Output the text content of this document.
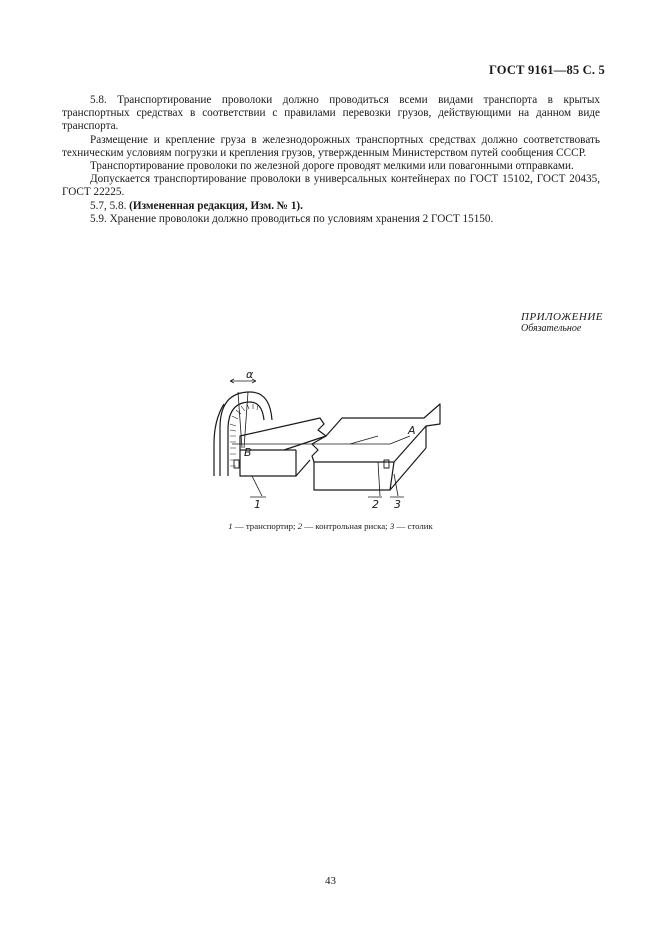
ГОСТ 9161—85 С. 5

5.8. Транспортирование проволоки должно проводиться всеми видами транспорта в крытых транспортных средствах в соответствии с правилами перевозки грузов, действующими на данном виде транспорта.

Размещение и крепление груза в железнодорожных транспортных средствах должно соответствовать техническим условиям погрузки и крепления грузов, утвержденным Министерством путей сообщения СССР.

Транспортирование проволоки по железной дороге проводят мелкими или повагонными отправками.

Допускается транспортирование проволоки в универсальных контейнерах по ГОСТ 15102, ГОСТ 20435, ГОСТ 22225.

5.7, 5.8. (Измененная редакция, Изм. № 1).

5.9. Хранение проволоки должно проводиться по условиям хранения 2 ГОСТ 15150.

ПРИЛОЖЕНИЕ
Обязательное
α
A
B
1	2 3
1 — транспортир; 2 — контрольная риска; 3 — столик
43
